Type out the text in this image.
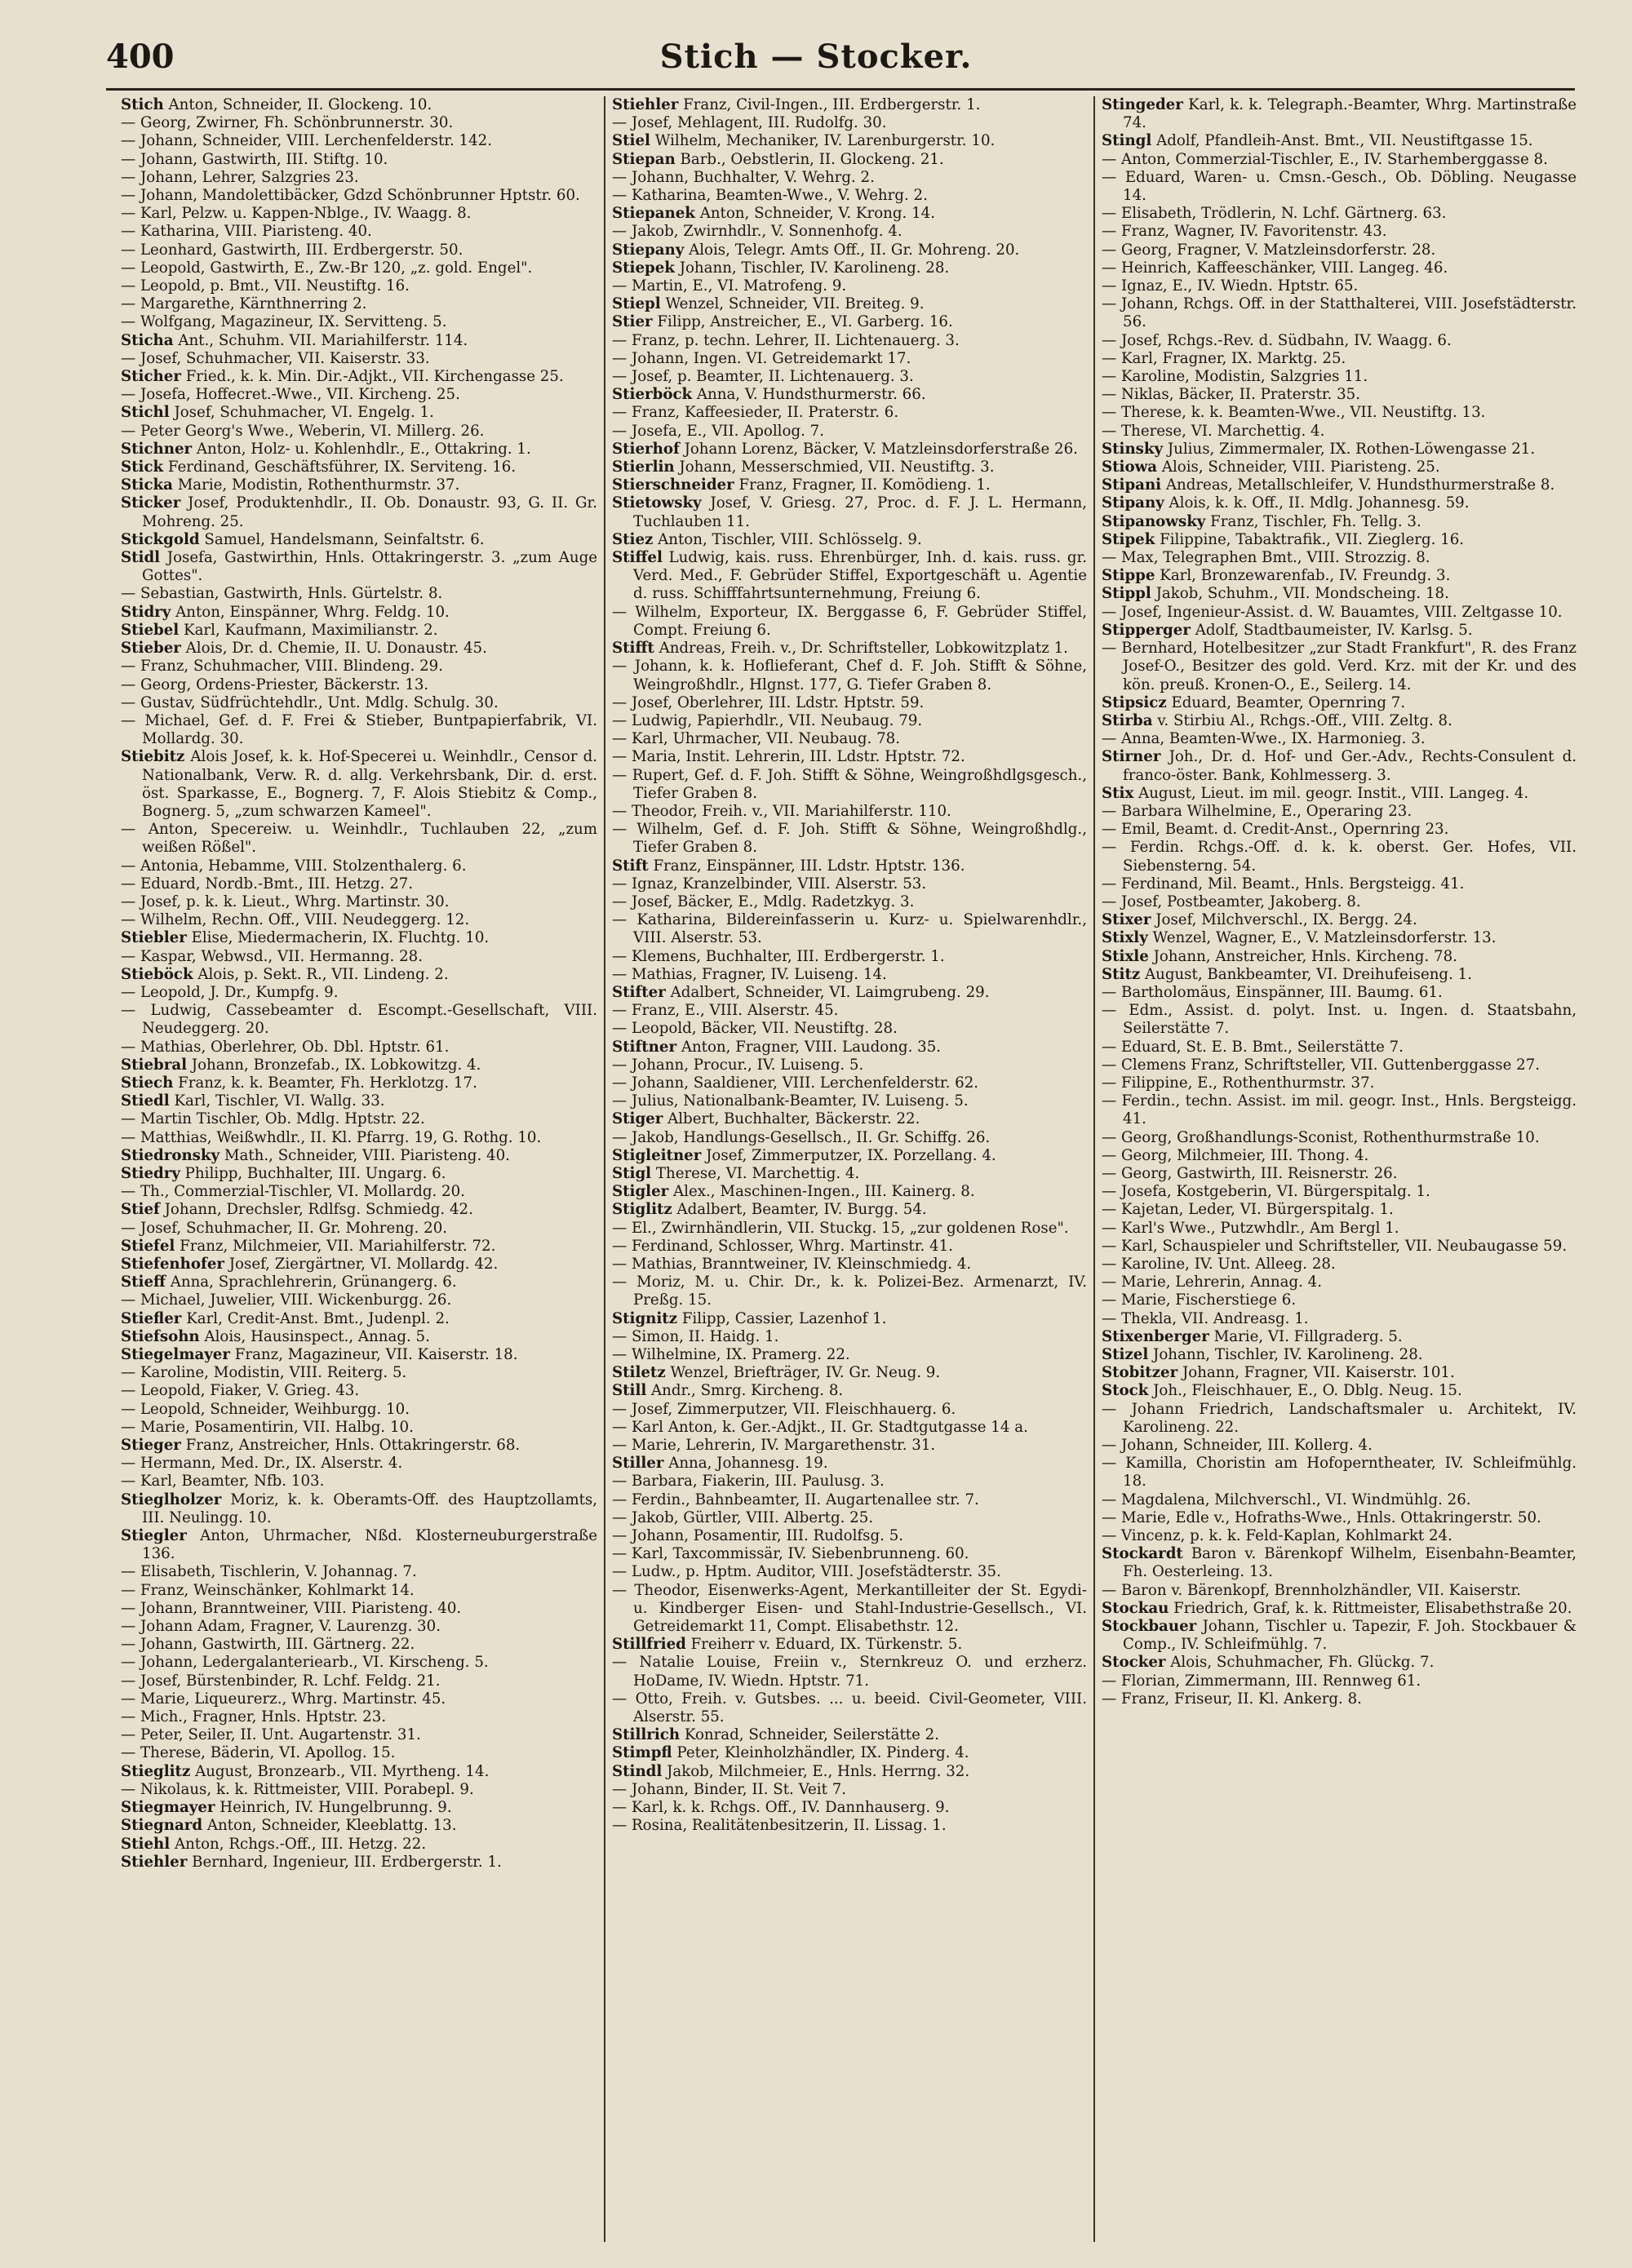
400	Stich — Stocker.
Stich Anton, Schneider, II. Glockeng. 10.
— Georg, Zwirner, Fh. Schönbrunnerstr. 30.
— Johann, Schneider, VIII. Lerchenfelderstr. 142.
— Johann, Gastwirth, III. Stiftg. 10.
— Johann, Lehrer, Salzgries 23.
— Johann, Mandolettibäcker, Gdzd Schönbrunner Hptstr. 60.
— Karl, Pelzw. u. Kappen-Nblge., IV. Waagg. 8.
— Katharina, VIII. Piaristeng. 40.
— Leonhard, Gastwirth, III. Erdbergerstr. 50.
— Leopold, Gastwirth, E., Zw.-Br 120, „z. gold. Engel".
— Leopold, p. Bmt., VII. Neustiftg. 16.
— Margarethe, Kärnthnerring 2.
— Wolfgang, Magazineur, IX. Servitteng. 5.
Sticha Ant., Schuhm. VII. Mariahilferstr. 114.
— Josef, Schuhmacher, VII. Kaiserstr. 33.
Sticher Fried., k. k. Min. Dir.-Adjkt., VII. Kirchengasse 25.
— Josefa, Hoffecret.-Wwe., VII. Kircheng. 25.
Stichl Josef, Schuhmacher, VI. Engelg. 1.
— Peter Georg's Wwe., Weberin, VI. Millerg. 26.
Stichner Anton, Holz- u. Kohlenhdlr., E., Ottakring. 1.
Stick Ferdinand, Geschäftsführer, IX. Serviteng. 16.
Sticka Marie, Modistin, Rothenthurmstr. 37.
Sticker Josef, Produktenhdlr., II. Ob. Donaustr. 93, G. II. Gr. Mohreng. 25.
Stickgold Samuel, Handelsmann, Seinfaltstr. 6.
Stidl Josefa, Gastwirthin, Hnls. Ottakringerstr. 3. „zum Auge Gottes".
— Sebastian, Gastwirth, Hnls. Gürtelstr. 8.
Stidry Anton, Einspänner, Whrg. Feldg. 10.
Stiebel Karl, Kaufmann, Maximilianstr. 2.
Stieber Alois, Dr. d. Chemie, II. U. Donaustr. 45.
— Franz, Schuhmacher, VIII. Blindeng. 29.
— Georg, Ordens-Priester, Bäckerstr. 13.
— Gustav, Südfrüchtehdlr., Unt. Mdlg. Schulg. 30.
— Michael, Gef. d. F. Frei & Stieber, Buntpapierfabrik, VI. Mollardg. 30.
Stiebitz Alois Josef, k. k. Hof-Specerei u. Weinhdlr., Censor d. Nationalbank, Verw. R. d. allg. Verkehrsbank, Dir. d. erst. öst. Sparkasse, E., Bognerg. 7, F. Alois Stiebitz & Comp., Bognerg. 5, „zum schwarzen Kameel".
— Anton, Specereiw. u. Weinhdlr., Tuchlauben 22, „zum weißen Rößel".
— Antonia, Hebamme, VIII. Stolzenthalerg. 6.
— Eduard, Nordb.-Bmt., III. Hetzg. 27.
— Josef, p. k. k. Lieut., Whrg. Martinstr. 30.
— Wilhelm, Rechn. Off., VIII. Neudeggerg. 12.
Stiebler Elise, Miedermacherin, IX. Fluchtg. 10.
— Kaspar, Webwsd., VII. Hermanng. 28.
Stieböck Alois, p. Sekt. R., VII. Lindeng. 2.
— Leopold, J. Dr., Kumpfg. 9.
— Ludwig, Cassebeamter d. Escompt.-Gesellschaft, VIII. Neudeggerg. 20.
— Mathias, Oberlehrer, Ob. Dbl. Hptstr. 61.
Stiebral Johann, Bronzefab., IX. Lobkowitzg. 4.
Stiech Franz, k. k. Beamter, Fh. Herklotzg. 17.
Stiedl Karl, Tischler, VI. Wallg. 33.
— Martin Tischler, Ob. Mdlg. Hptstr. 22.
— Matthias, Weißwhdlr., II. Kl. Pfarrg. 19, G. Rothg. 10.
Stiedronsky Math., Schneider, VIII. Piaristeng. 40.
Stiedry Philipp, Buchhalter, III. Ungarg. 6.
— Th., Commerzial-Tischler, VI. Mollardg. 20.
Stief Johann, Drechsler, Rdlfsg. Schmiedg. 42.
— Josef, Schuhmacher, II. Gr. Mohreng. 20.
Stiefel Franz, Milchmeier, VII. Mariahilferstr. 72.
Stiefenhofer Josef, Ziergärtner, VI. Mollardg. 42.
Stieff Anna, Sprachlehrerin, Grünangerg. 6.
— Michael, Juwelier, VIII. Wickenburgg. 26.
Stiefler Karl, Credit-Anst. Bmt., Judenpl. 2.
Stiefsohn Alois, Hausinspect., Annag. 5.
Stiegelmayer Franz, Magazineur, VII. Kaiserstr. 18.
— Karoline, Modistin, VIII. Reiterg. 5.
— Leopold, Fiaker, V. Grieg. 43.
— Leopold, Schneider, Weihburgg. 10.
— Marie, Posamentirin, VII. Halbg. 10.
Stieger Franz, Anstreicher, Hnls. Ottakringerstr. 68.
— Hermann, Med. Dr., IX. Alserstr. 4.
— Karl, Beamter, Nfb. 103.
Stieglholzer Moriz, k. k. Oberamts-Off. des Hauptzollamts, III. Neulingg. 10.
Stiegler Anton, Uhrmacher, Nßd. Klosterneuburgerstraße 136.
— Elisabeth, Tischlerin, V. Johannag. 7.
— Franz, Weinschänker, Kohlmarkt 14.
— Johann, Branntweiner, VIII. Piaristeng. 40.
— Johann Adam, Fragner, V. Laurenzg. 30.
— Johann, Gastwirth, III. Gärtnerg. 22.
— Johann, Ledergalanteriearb., VI. Kirscheng. 5.
— Josef, Bürstenbinder, R. Lchf. Feldg. 21.
— Marie, Liqueurerz., Whrg. Martinstr. 45.
— Mich., Fragner, Hnls. Hptstr. 23.
— Peter, Seiler, II. Unt. Augartenstr. 31.
— Therese, Bäderin, VI. Apollog. 15.
Stieglitz August, Bronzearb., VII. Myrtheng. 14.
— Nikolaus, k. k. Rittmeister, VIII. Porabepl. 9.
Stiegmayer Heinrich, IV. Hungelbrunng. 9.
Stiegnard Anton, Schneider, Kleeblattg. 13.
Stiehl Anton, Rchgs.-Off., III. Hetzg. 22.
Stiehler Bernhard, Ingenieur, III. Erdbergerstr. 1.
Stiehler Franz, Civil-Ingen., III. Erdbergerstr. 1.
— Josef, Mehlagent, III. Rudolfg. 30.
Stiel Wilhelm, Mechaniker, IV. Larenburgerstr. 10.
Stiepan Barb., Oebstlerin, II. Glockeng. 21.
— Johann, Buchhalter, V. Wehrg. 2.
— Katharina, Beamten-Wwe., V. Wehrg. 2.
Stiepanek Anton, Schneider, V. Krong. 14.
— Jakob, Zwirnhdlr., V. Sonnenhofg. 4.
Stiepany Alois, Telegr. Amts Off., II. Gr. Mohreng. 20.
Stiepek Johann, Tischler, IV. Karolineng. 28.
— Martin, E., VI. Matrofeng. 9.
Stiepl Wenzel, Schneider, VII. Breiteg. 9.
Stier Filipp, Anstreicher, E., VI. Garberg. 16.
— Franz, p. techn. Lehrer, II. Lichtenauerg. 3.
— Johann, Ingen. VI. Getreidemarkt 17.
— Josef, p. Beamter, II. Lichtenauerg. 3.
Stierböck Anna, V. Hundsthurmerstr. 66.
— Franz, Kaffeesieder, II. Praterstr. 6.
— Josefa, E., VII. Apollog. 7.
Stierhof Johann Lorenz, Bäcker, V. Matzleinsdorferstraße 26.
Stierlin Johann, Messerschmied, VII. Neustiftg. 3.
Stierschneider Franz, Fragner, II. Komödieng. 1.
Stietowsky Josef, V. Griesg. 27, Proc. d. F. J. L. Hermann, Tuchlauben 11.
Stiez Anton, Tischler, VIII. Schlösselg. 9.
Stiffel Ludwig, kais. russ. Ehrenbürger, Inh. d. kais. russ. gr. Verd. Med., F. Gebrüder Stiffel, Exportgeschäft u. Agentie d. russ. Schifffahrtsunternehmung, Freiung 6.
— Wilhelm, Exporteur, IX. Berggasse 6, F. Gebrüder Stiffel, Compt. Freiung 6.
Stifft Andreas, Freih. v., Dr. Schriftsteller, Lobkowitzplatz 1.
— Johann, k. k. Hoflieferant, Chef d. F. Joh. Stifft & Söhne, Weingroßhdlr., Hlgnst. 177, G. Tiefer Graben 8.
— Josef, Oberlehrer, III. Ldstr. Hptstr. 59.
— Ludwig, Papierhdlr., VII. Neubaug. 79.
— Karl, Uhrmacher, VII. Neubaug. 78.
— Maria, Instit. Lehrerin, III. Ldstr. Hptstr. 72.
— Rupert, Gef. d. F. Joh. Stifft & Söhne, Weingroßhdlgsgesch., Tiefer Graben 8.
— Theodor, Freih. v., VII. Mariahilferstr. 110.
— Wilhelm, Gef. d. F. Joh. Stifft & Söhne, Weingroßhdlg., Tiefer Graben 8.
Stift Franz, Einspänner, III. Ldstr. Hptstr. 136.
— Ignaz, Kranzelbinder, VIII. Alserstr. 53.
— Josef, Bäcker, E., Mdlg. Radetzkyg. 3.
— Katharina, Bildereinfasserin u. Kurz- u. Spielwarenhdlr., VIII. Alserstr. 53.
— Klemens, Buchhalter, III. Erdbergerstr. 1.
— Mathias, Fragner, IV. Luiseng. 14.
Stifter Adalbert, Schneider, VI. Laimgrubeng. 29.
— Franz, E., VIII. Alserstr. 45.
— Leopold, Bäcker, VII. Neustiftg. 28.
Stiftner Anton, Fragner, VIII. Laudong. 35.
— Johann, Procur., IV. Luiseng. 5.
— Johann, Saaldiener, VIII. Lerchenfelderstr. 62.
— Julius, Nationalbank-Beamter, IV. Luiseng. 5.
Stiger Albert, Buchhalter, Bäckerstr. 22.
— Jakob, Handlungs-Gesellsch., II. Gr. Schiffg. 26.
Stigleitner Josef, Zimmerputzer, IX. Porzellang. 4.
Stigl Therese, VI. Marchettig. 4.
Stigler Alex., Maschinen-Ingen., III. Kainerg. 8.
Stiglitz Adalbert, Beamter, IV. Burgg. 54.
— El., Zwirnhändlerin, VII. Stuckg. 15, „zur goldenen Rose".
— Ferdinand, Schlosser, Whrg. Martinstr. 41.
— Mathias, Branntweiner, IV. Kleinschmiedg. 4.
— Moriz, M. u. Chir. Dr., k. k. Polizei-Bez. Armenarzt, IV. Preßg. 15.
Stignitz Filipp, Cassier, Lazenhof 1.
— Simon, II. Haidg. 1.
— Wilhelmine, IX. Pramerg. 22.
Stiletz Wenzel, Briefträger, IV. Gr. Neug. 9.
Still Andr., Smrg. Kircheng. 8.
— Josef, Zimmerputzer, VII. Fleischhauerg. 6.
— Karl Anton, k. Ger.-Adjkt., II. Gr. Stadtgutgasse 14 a.
— Marie, Lehrerin, IV. Margarethenstr. 31.
Stiller Anna, Johannesg. 19.
— Barbara, Fiakerin, III. Paulusg. 3.
— Ferdin., Bahnbeamter, II. Augartenallee str. 7.
— Jakob, Gürtler, VIII. Albertg. 25.
— Johann, Posamentir, III. Rudolfsg. 5.
— Karl, Taxcommissär, IV. Siebenbrunneng. 60.
— Ludw., p. Hptm. Auditor, VIII. Josefstädterstr. 35.
— Theodor, Eisenwerks-Agent, Merkantilleiter der St. Egydi- u. Kindberger Eisen- und Stahl-Industrie-Gesellsch., VI. Getreidemarkt 11, Compt. Elisabethstr. 12.
Stillfried Freiherr v. Eduard, IX. Türkenstr. 5.
— Natalie Louise, Freiin v., Sternkreuz O. und erzherz. HoDame, IV. Wiedn. Hptstr. 71.
— Otto, Freih. v. Gutsbes. ... u. beeid. Civil-Geometer, VIII. Alserstr. 55.
Stillrich Konrad, Schneider, Seilerstätte 2.
Stimpfl Peter, Kleinholzhändler, IX. Pinderg. 4.
Stindl Jakob, Milchmeier, E., Hnls. Herrng. 32.
— Johann, Binder, II. St. Veit 7.
— Karl, k. k. Rchgs. Off., IV. Dannhauserg. 9.
— Rosina, Realitätenbesitzerin, II. Lissag. 1.
Stingeder Karl, k. k. Telegraph.-Beamter, Whrg. Martinstraße 74.
Stingl Adolf, Pfandleih-Anst. Bmt., VII. Neustiftgasse 15.
— Anton, Commerzial-Tischler, E., IV. Starhemberggasse 8.
— Eduard, Waren- u. Cmsn.-Gesch., Ob. Döbling. Neugasse 14.
— Elisabeth, Trödlerin, N. Lchf. Gärtnerg. 63.
— Franz, Wagner, IV. Favoritenstr. 43.
— Georg, Fragner, V. Matzleinsdorferstr. 28.
— Heinrich, Kaffeeschänker, VIII. Langeg. 46.
— Ignaz, E., IV. Wiedn. Hptstr. 65.
— Johann, Rchgs. Off. in der Statthalterei, VIII. Josefstädterstr. 56.
— Josef, Rchgs.-Rev. d. Südbahn, IV. Waagg. 6.
— Karl, Fragner, IX. Marktg. 25.
— Karoline, Modistin, Salzgries 11.
— Niklas, Bäcker, II. Praterstr. 35.
— Therese, k. k. Beamten-Wwe., VII. Neustiftg. 13.
— Therese, VI. Marchettig. 4.
Stinsky Julius, Zimmermaler, IX. Rothen-Löwengasse 21.
Stiowa Alois, Schneider, VIII. Piaristeng. 25.
Stipani Andreas, Metallschleifer, V. Hundsthurmerstraße 8.
Stipany Alois, k. k. Off., II. Mdlg. Johannesg. 59.
Stipanowsky Franz, Tischler, Fh. Tellg. 3.
Stipek Filippine, Tabaktrafik., VII. Zieglerg. 16.
— Max, Telegraphen Bmt., VIII. Strozzig. 8.
Stippe Karl, Bronzewarenfab., IV. Freundg. 3.
Stippl Jakob, Schuhm., VII. Mondscheing. 18.
— Josef, Ingenieur-Assist. d. W. Bauamtes, VIII. Zeltgasse 10.
Stipperger Adolf, Stadtbaumeister, IV. Karlsg. 5.
— Bernhard, Hotelbesitzer „zur Stadt Frankfurt", R. des Franz Josef-O., Besitzer des gold. Verd. Krz. mit der Kr. und des kön. preuß. Kronen-O., E., Seilerg. 14.
Stipsicz Eduard, Beamter, Opernring 7.
Stirba v. Stirbiu Al., Rchgs.-Off., VIII. Zeltg. 8.
— Anna, Beamten-Wwe., IX. Harmonieg. 3.
Stirner Joh., Dr. d. Hof- und Ger.-Adv., Rechts-Consulent d. franco-öster. Bank, Kohlmesserg. 3.
Stix August, Lieut. im mil. geogr. Instit., VIII. Langeg. 4.
— Barbara Wilhelmine, E., Operaring 23.
— Emil, Beamt. d. Credit-Anst., Opernring 23.
— Ferdin. Rchgs.-Off. d. k. k. oberst. Ger. Hofes, VII. Siebensterng. 54.
— Ferdinand, Mil. Beamt., Hnls. Bergsteigg. 41.
— Josef, Postbeamter, Jakoberg. 8.
Stixer Josef, Milchverschl., IX. Bergg. 24.
Stixly Wenzel, Wagner, E., V. Matzleinsdorferstr. 13.
Stixle Johann, Anstreicher, Hnls. Kircheng. 78.
Stitz August, Bankbeamter, VI. Dreihufeiseng. 1.
— Bartholomäus, Einspänner, III. Baumg. 61.
— Edm., Assist. d. polyt. Inst. u. Ingen. d. Staatsbahn, Seilerstätte 7.
— Eduard, St. E. B. Bmt., Seilerstätte 7.
— Clemens Franz, Schriftsteller, VII. Guttenberggasse 27.
— Filippine, E., Rothenthurmstr. 37.
— Ferdin., techn. Assist. im mil. geogr. Inst., Hnls. Bergsteigg. 41.
— Georg, Großhandlungs-Sconist, Rothenthurmstraße 10.
— Georg, Milchmeier, III. Thong. 4.
— Georg, Gastwirth, III. Reisnerstr. 26.
— Josefa, Kostgeberin, VI. Bürgerspitalg. 1.
— Kajetan, Leder, VI. Bürgerspitalg. 1.
— Karl's Wwe., Putzwhdlr., Am Bergl 1.
— Karl, Schauspieler und Schriftsteller, VII. Neubaugasse 59.
— Karoline, IV. Unt. Alleeg. 28.
— Marie, Lehrerin, Annag. 4.
— Marie, Fischerstiege 6.
— Thekla, VII. Andreasg. 1.
Stixenberger Marie, VI. Fillgraderg. 5.
Stizel Johann, Tischler, IV. Karolineng. 28.
Stobitzer Johann, Fragner, VII. Kaiserstr. 101.
Stock Joh., Fleischhauer, E., O. Dblg. Neug. 15.
— Johann Friedrich, Landschaftsmaler u. Architekt, IV. Karolineng. 22.
— Johann, Schneider, III. Kollerg. 4.
— Kamilla, Choristin am Hofoperntheater, IV. Schleifmühlg. 18.
— Magdalena, Milchverschl., VI. Windmühlg. 26.
— Marie, Edle v., Hofraths-Wwe., Hnls. Ottakringerstr. 50.
— Vincenz, p. k. k. Feld-Kaplan, Kohlmarkt 24.
Stockardt Baron v. Bärenkopf Wilhelm, Eisenbahn-Beamter, Fh. Oesterleing. 13.
— Baron v. Bärenkopf, Brennholzhändler, VII. Kaiserstr.
Stockau Friedrich, Graf, k. k. Rittmeister, Elisabethstraße 20.
Stockbauer Johann, Tischler u. Tapezir, F. Joh. Stockbauer & Comp., IV. Schleifmühlg. 7.
Stocker Alois, Schuhmacher, Fh. Glückg. 7.
— Florian, Zimmermann, III. Rennweg 61.
— Franz, Friseur, II. Kl. Ankerg. 8.
